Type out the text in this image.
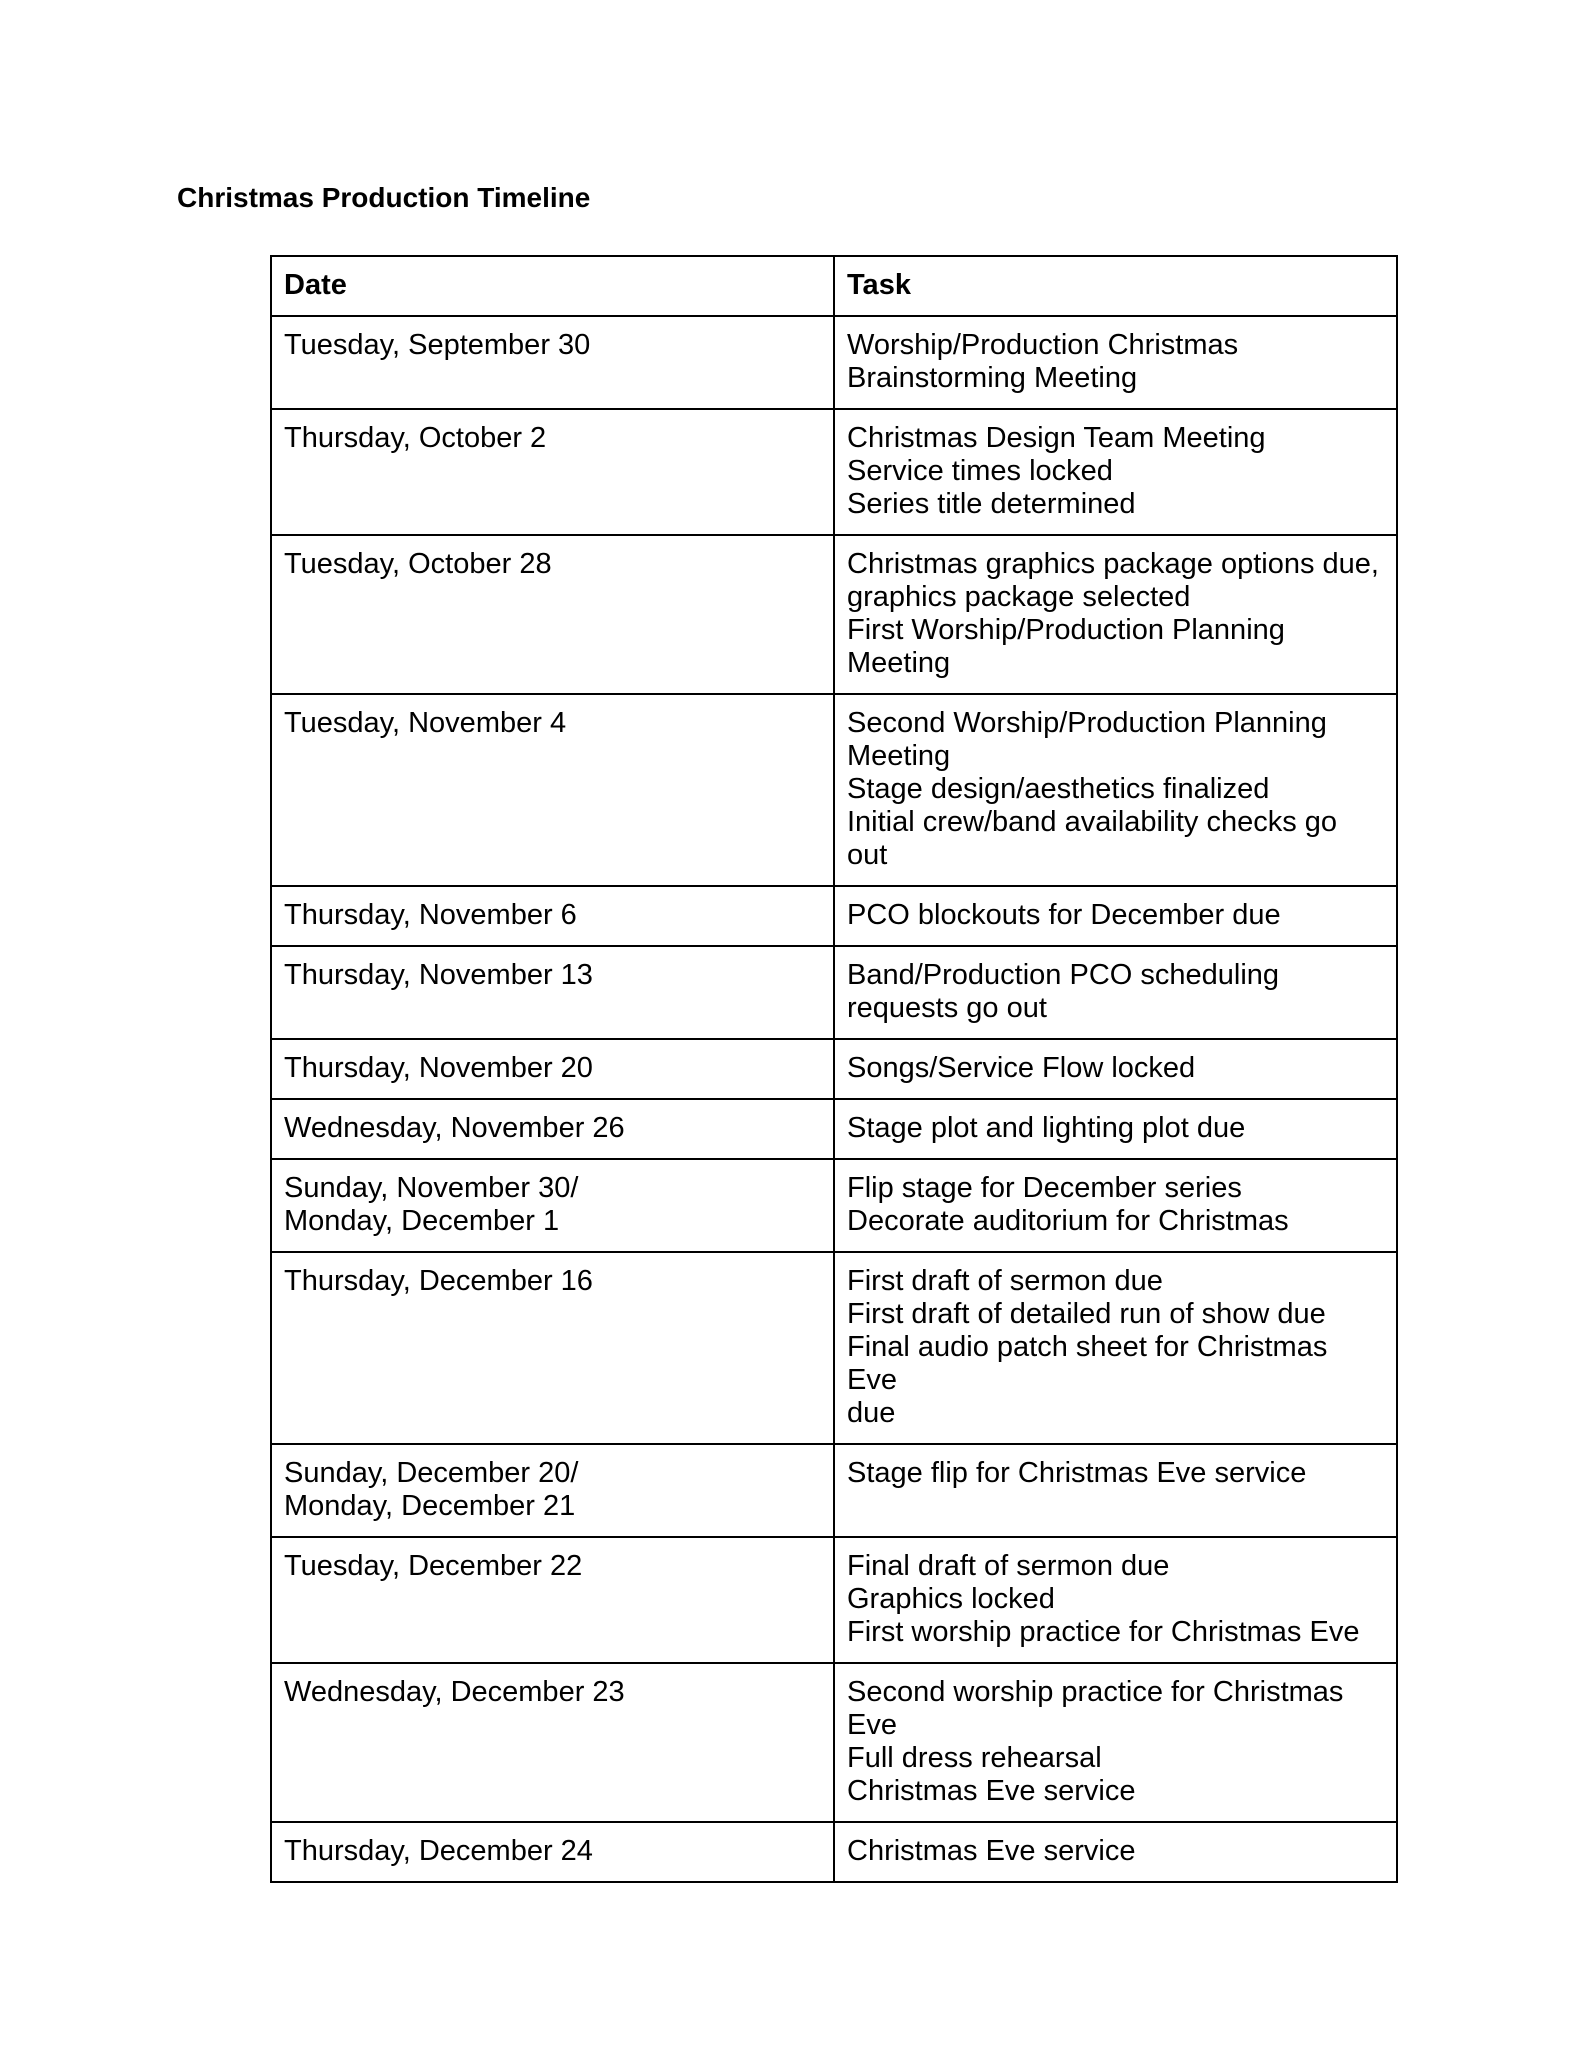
Christmas Production Timeline
Date	Task
Tuesday, September 30	Worship/Production Christmas
Brainstorming Meeting
Thursday, October 2	Christmas Design Team Meeting
Service times locked
Series title determined
Tuesday, October 28	Christmas graphics package options due,
graphics package selected
First Worship/Production Planning
Meeting
Tuesday, November 4	Second Worship/Production Planning
Meeting
Stage design/aesthetics finalized
Initial crew/band availability checks go out
Thursday, November 6	PCO blockouts for December due
Thursday, November 13	Band/Production PCO scheduling
requests go out
Thursday, November 20	Songs/Service Flow locked
Wednesday, November 26	Stage plot and lighting plot due
Sunday, November 30/
Monday, December 1	Flip stage for December series
Decorate auditorium for Christmas
Thursday, December 16	First draft of sermon due
First draft of detailed run of show due
Final audio patch sheet for Christmas Eve
due
Sunday, December 20/
Monday, December 21	Stage flip for Christmas Eve service
Tuesday, December 22	Final draft of sermon due
Graphics locked
First worship practice for Christmas Eve
Wednesday, December 23	Second worship practice for Christmas
Eve
Full dress rehearsal
Christmas Eve service
Thursday, December 24	Christmas Eve service
